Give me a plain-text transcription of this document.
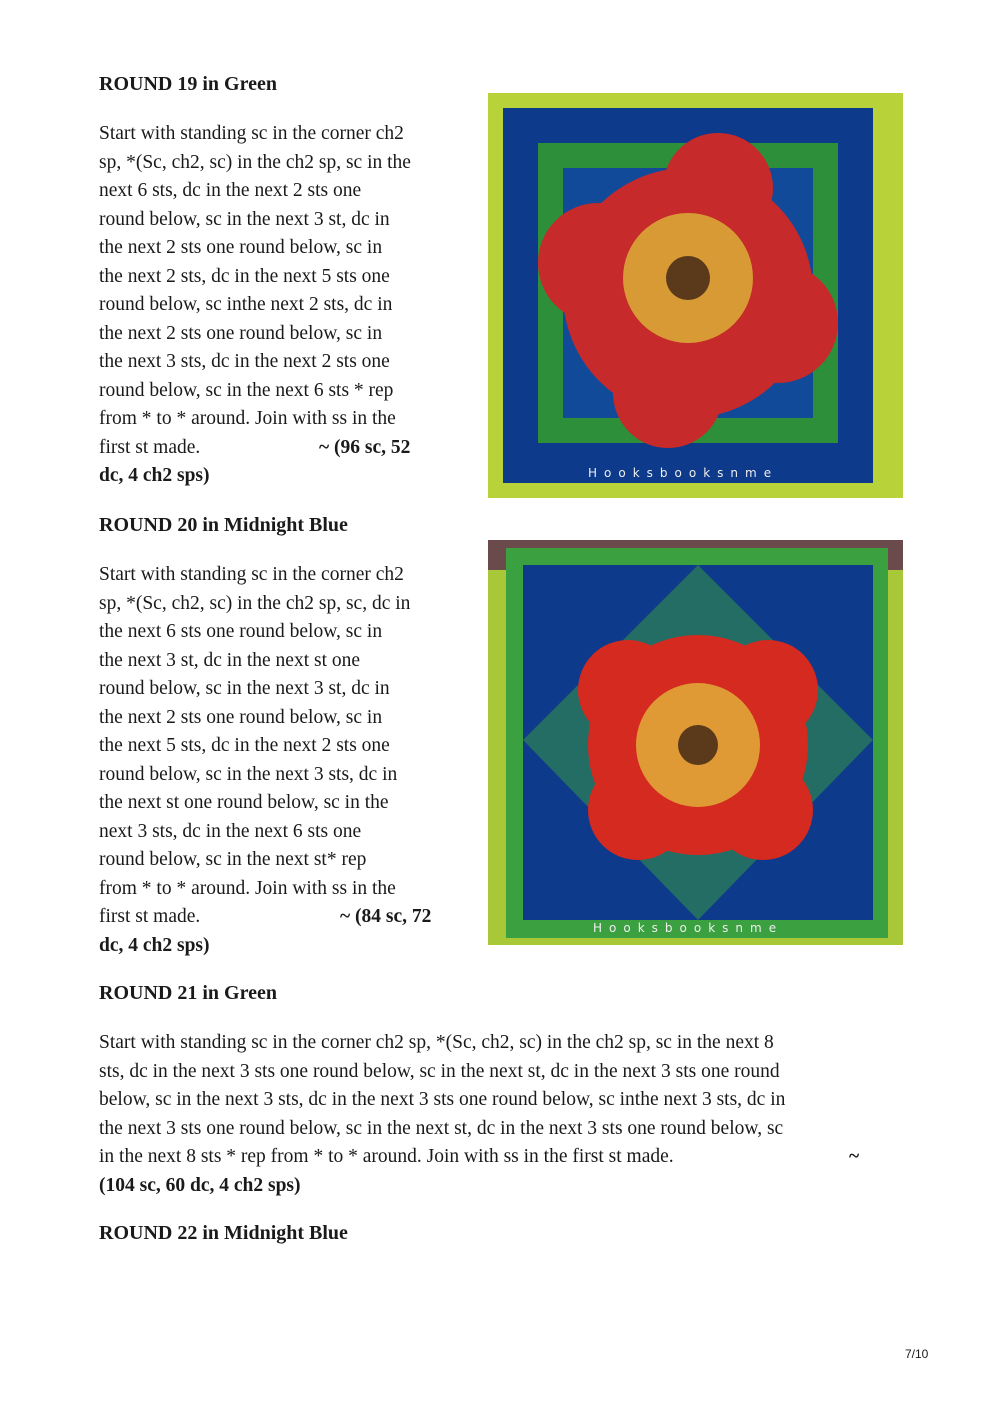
ROUND 19 in Green
Start with standing sc in the corner ch2
sp, *(Sc, ch2, sc) in the ch2 sp, sc in the
next 6 sts, dc in the next 2 sts one
round below, sc in the next 3 st, dc in
the next 2 sts one round below, sc in
the next 2 sts, dc in the next 5 sts one
round below, sc inthe next 2 sts, dc in
the next 2 sts one round below, sc in
the next 3 sts, dc in the next 2 sts one
round below, sc in the next 6 sts * rep
from * to * around. Join with ss in the
first st made.	~ (96 sc, 52
dc, 4 ch2 sps)	Hooksbooksnme
ROUND 20 in Midnight Blue
Start with standing sc in the corner ch2
sp, *(Sc, ch2, sc) in the ch2 sp, sc, dc in
the next 6 sts one round below, sc in
the next 3 st, dc in the next st one
round below, sc in the next 3 st, dc in
the next 2 sts one round below, sc in
the next 5 sts, dc in the next 2 sts one
round below, sc in the next 3 sts, dc in
the next st one round below, sc in the
next 3 sts, dc in the next 6 sts one
round below, sc in the next st* rep
from * to * around. Join with ss in the
first st made.	~ (84 sc, 72
dc, 4 ch2 sps)
Hooksbooksnme
ROUND 21 in Green
Start with standing sc in the corner ch2 sp, *(Sc, ch2, sc) in the ch2 sp, sc in the next 8
sts, dc in the next 3 sts one round below, sc in the next st, dc in the next 3 sts one round
below, sc in the next 3 sts, dc in the next 3 sts one round below, sc inthe next 3 sts, dc in
the next 3 sts one round below, sc in the next st, dc in the next 3 sts one round below, sc
in the next 8 sts * rep from * to * around. Join with ss in the first st made.	~
(104 sc, 60 dc, 4 ch2 sps)
ROUND 22 in Midnight Blue
7/10
